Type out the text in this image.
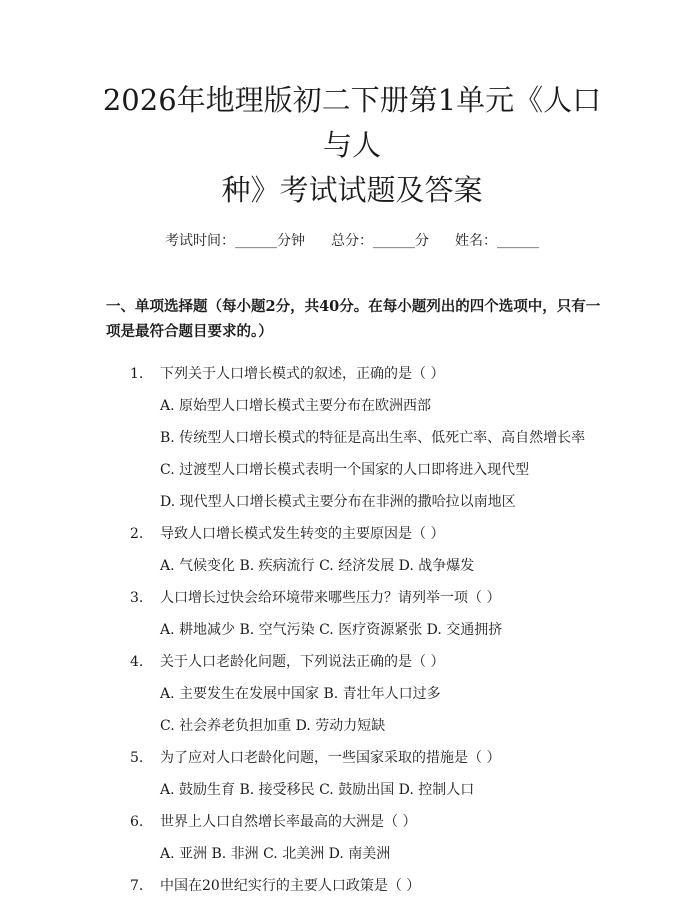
2026年地理版初二下册第1单元《人口与人
种》考试试题及答案
考试时间：______分钟 总分：______分 姓名：______
一、单项选择题（每小题2分，共40分。在每小题列出的四个选项中，只有一项是最符合题目要求的。）
1.	下列关于人口增长模式的叙述，正确的是（ ）
A. 原始型人口增长模式主要分布在欧洲西部
B. 传统型人口增长模式的特征是高出生率、低死亡率、高自然增长率
C. 过渡型人口增长模式表明一个国家的人口即将进入现代型
D. 现代型人口增长模式主要分布在非洲的撒哈拉以南地区
2.	导致人口增长模式发生转变的主要原因是（ ）
A. 气候变化 B. 疾病流行 C. 经济发展 D. 战争爆发
3.	人口增长过快会给环境带来哪些压力？请列举一项（ ）
A. 耕地减少 B. 空气污染 C. 医疗资源紧张 D. 交通拥挤
4.	关于人口老龄化问题，下列说法正确的是（ ）
A. 主要发生在发展中国家 B. 青壮年人口过多
C. 社会养老负担加重 D. 劳动力短缺
5.	为了应对人口老龄化问题，一些国家采取的措施是（ ）
A. 鼓励生育 B. 接受移民 C. 鼓励出国 D. 控制人口
6.	世界上人口自然增长率最高的大洲是（ ）
A. 亚洲 B. 非洲 C. 北美洲 D. 南美洲
7.	中国在20世纪实行的主要人口政策是（ ）
